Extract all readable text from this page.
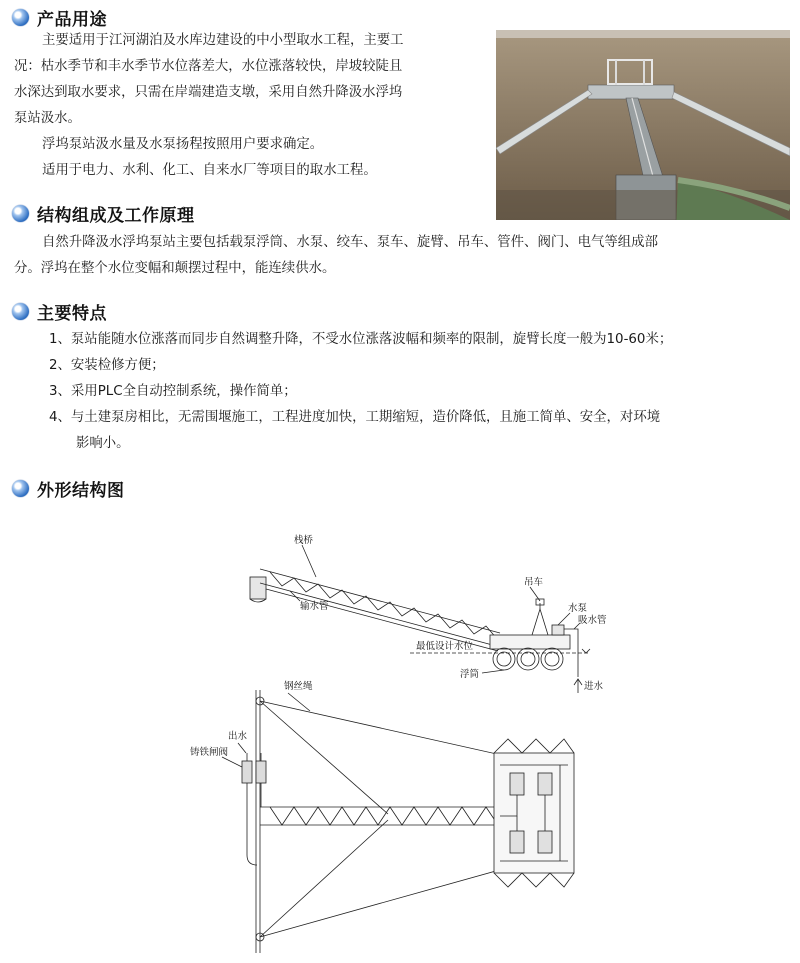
产品用途

主要适用于江河湖泊及水库边建设的中小型取水工程，主要工

况：枯水季节和丰水季节水位落差大，水位涨落较快，岸坡较陡且

水深达到取水要求，只需在岸端建造支墩，采用自然升降汲水浮坞

泵站汲水。

浮坞泵站汲水量及水泵扬程按照用户要求确定。

适用于电力、水利、化工、自来水厂等项目的取水工程。

结构组成及工作原理

自然升降汲水浮坞泵站主要包括载泵浮筒、水泵、绞车、泵车、旋臂、吊车、管件、阀门、电气等组成部

分。浮坞在整个水位变幅和颠摆过程中，能连续供水。

主要特点
1、泵站能随水位涨落而同步自然调整升降，不受水位涨落波幅和频率的限制，旋臂长度一般为10-60米；
2、安装检修方便；
3、采用PLC全自动控制系统，操作简单；
4、与土建泵房相比，无需围堰施工，工程进度加快，工期缩短，造价降低，且施工简单、安全，对环境
影响小。
外形结构图
栈桥
输水管
吊车
水泵
吸水管
最低设计水位
浮筒
进水
钢丝绳
出水
铸铁闸阀
